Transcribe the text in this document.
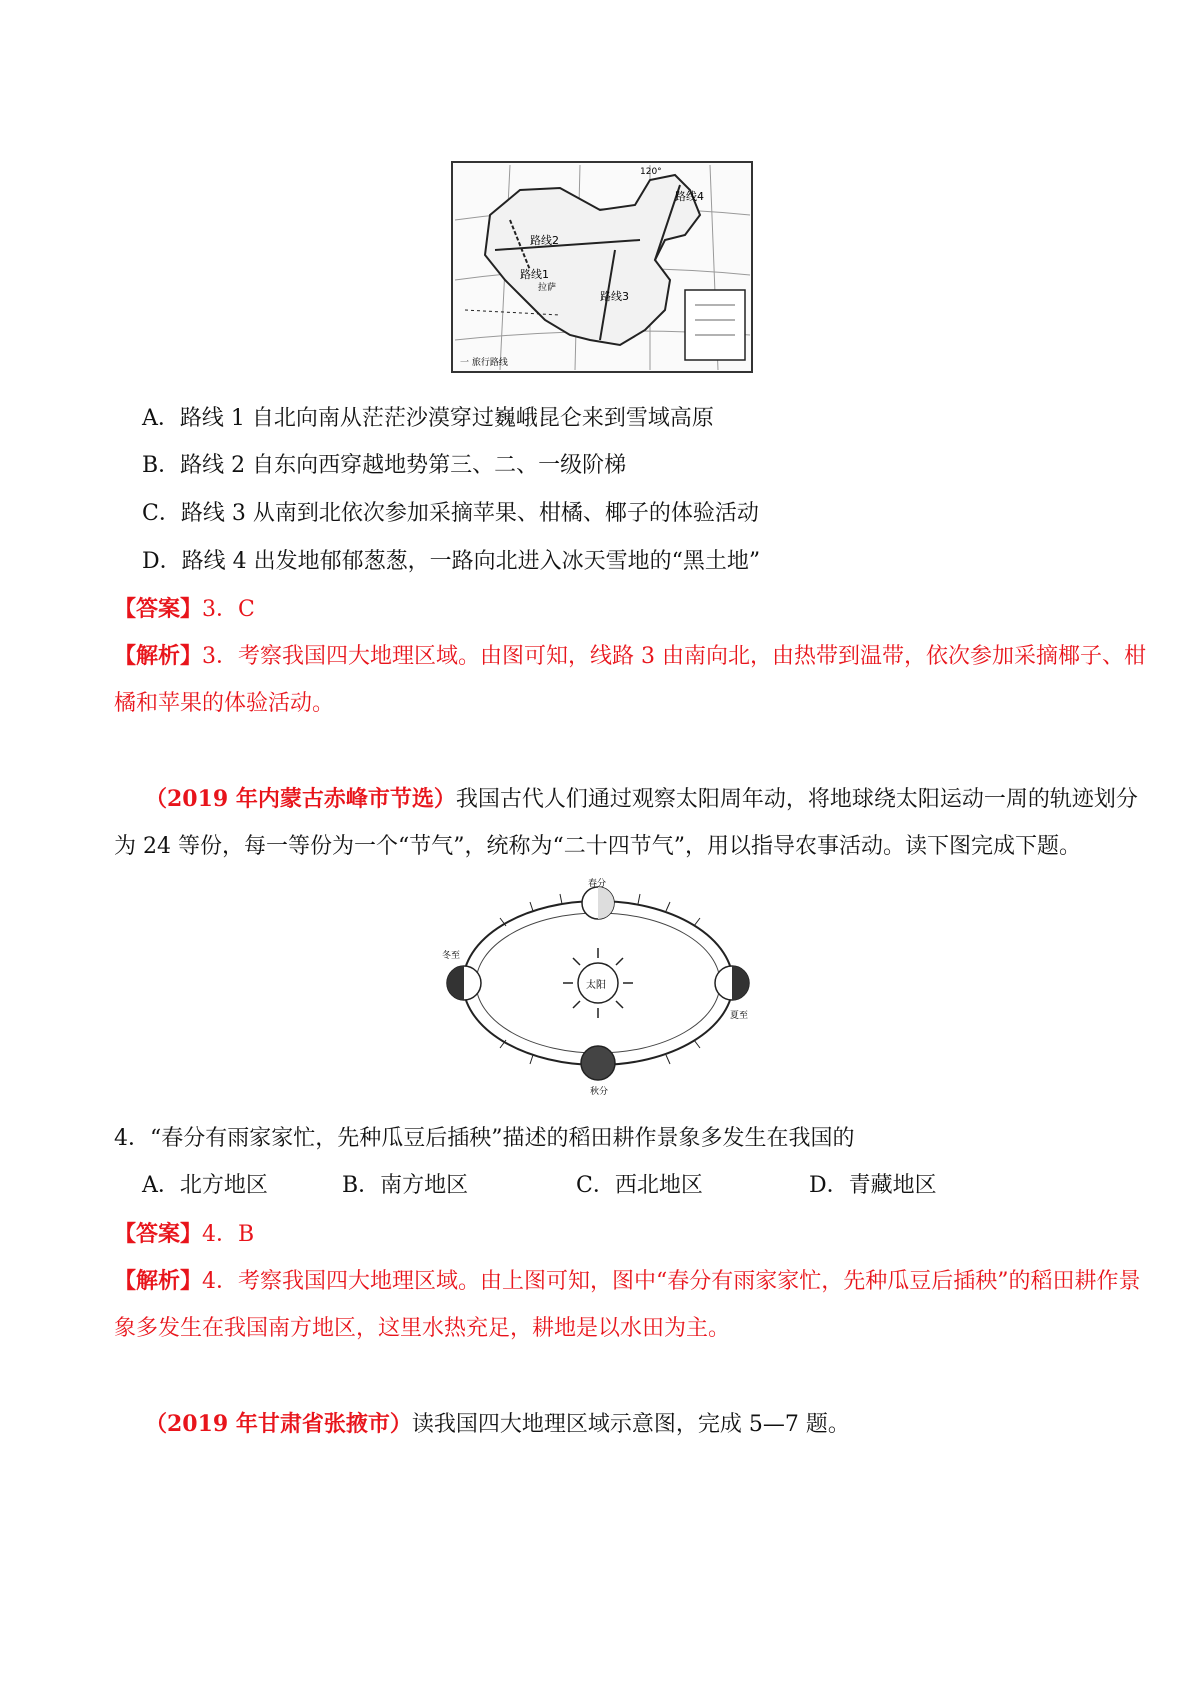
路线1
路线2
路线3
路线4
拉萨
120°
一 旅行路线
A．路线 1 自北向南从茫茫沙漠穿过巍峨昆仑来到雪域高原
B．路线 2 自东向西穿越地势第三、二、一级阶梯
C．路线 3 从南到北依次参加采摘苹果、柑橘、椰子的体验活动
D．路线 4 出发地郁郁葱葱，一路向北进入冰天雪地的“黑土地”
【答案】3．C
【解析】3．考察我国四大地理区域。由图可知，线路 3 由南向北，由热带到温带，依次参加采摘椰子、柑
橘和苹果的体验活动。
（2019 年内蒙古赤峰市节选）我国古代人们通过观察太阳周年动，将地球绕太阳运动一周的轨迹划分
为 24 等份，每一等份为一个“节气”，统称为“二十四节气”，用以指导农事活动。读下图完成下题。
太阳
春分
冬至
夏至
秋分
4．“春分有雨家家忙，先种瓜豆后插秧”描述的稻田耕作景象多发生在我国的
A．北方地区	B．南方地区	C．西北地区	D．青藏地区
【答案】4．B
【解析】4．考察我国四大地理区域。由上图可知，图中“春分有雨家家忙，先种瓜豆后插秧”的稻田耕作景
象多发生在我国南方地区，这里水热充足，耕地是以水田为主。
（2019 年甘肃省张掖市）读我国四大地理区域示意图，完成 5—7 题。
